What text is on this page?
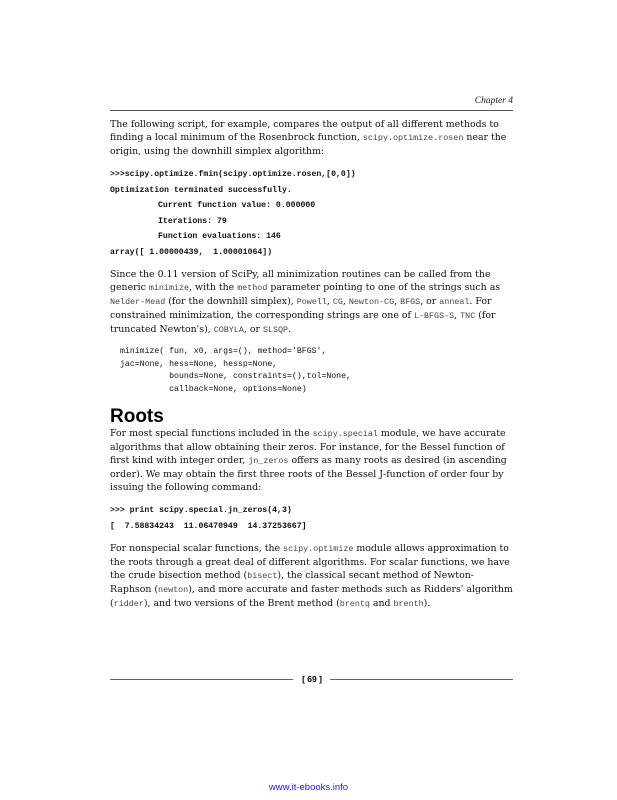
Chapter 4

The following script, for example, compares the output of all different methods to finding a local minimum of the Rosenbrock function, scipy.optimize.rosen near the origin, using the downhill simplex algorithm:

>>>scipy.optimize.fmin(scipy.optimize.rosen,[0,0])
Optimization terminated successfully.
Current function value: 0.000000
Iterations: 79
Function evaluations: 146
array([ 1.00000439,  1.00001064])

Since the 0.11 version of SciPy, all minimization routines can be called from the generic minimize, with the method parameter pointing to one of the strings such as Nelder-Mead (for the downhill simplex), Powell, CG, Newton-CG, BFGS, or anneal. For constrained minimization, the corresponding strings are one of L-BFGS-S, TNC (for truncated Newton's), COBYLA, or SLSQP.

minimize( fun, x0, args=(), method='BFGS',
jac=None, hess=None, hessp=None,
bounds=None, constraints=(),tol=None,
callback=None, options=None)
Roots

For most special functions included in the scipy.special module, we have accurate algorithms that allow obtaining their zeros. For instance, for the Bessel function of first kind with integer order, jn_zeros offers as many roots as desired (in ascending order). We may obtain the first three roots of the Bessel J-function of order four by issuing the following command:

>>> print scipy.special.jn_zeros(4,3)
[  7.58834243  11.06470949  14.37253667]

For nonspecial scalar functions, the scipy.optimize module allows approximation to the roots through a great deal of different algorithms. For scalar functions, we have the crude bisection method (bisect), the classical secant method of Newton-Raphson (newton), and more accurate and faster methods such as Ridders' algorithm (ridder), and two versions of the Brent method (brentq and brenth).

[ 69 ]
www.it-ebooks.info
